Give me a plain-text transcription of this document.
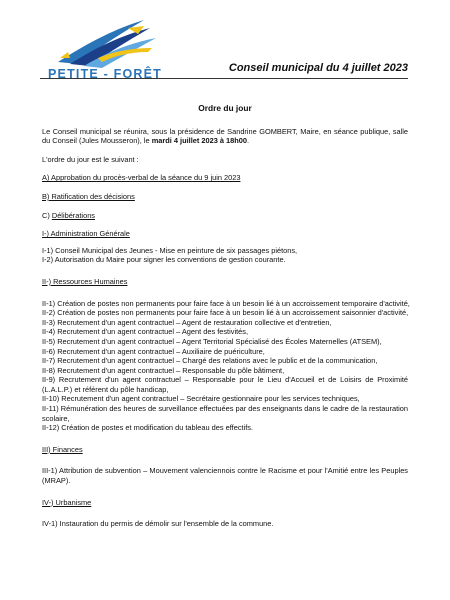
PETITE - FORÊT	Conseil municipal du 4 juillet 2023
Ordre du jour

Le Conseil municipal se réunira, sous la présidence de Sandrine GOMBERT, Maire, en séance publique, salle du Conseil (Jules Mousseron), le mardi 4 juillet 2023 à 18h00.

L'ordre du jour est le suivant :

A) Approbation du procès-verbal de la séance du 9 juin 2023

B) Ratification des décisions

C) Délibérations

I-) Administration Générale

I-1) Conseil Municipal des Jeunes - Mise en peinture de six passages piétons,

I-2) Autorisation du Maire pour signer les conventions de gestion courante.

II-) Ressources Humaines

II-1) Création de postes non permanents pour faire face à un besoin lié à un accroissement temporaire d'activité,

II-2) Création de postes non permanents pour faire face à un besoin lié à un accroissement saisonnier d'activité,

II-3) Recrutement d'un agent contractuel – Agent de restauration collective et d'entretien,

II-4) Recrutement d'un agent contractuel – Agent des festivités,

II-5) Recrutement d'un agent contractuel – Agent Territorial Spécialisé des Écoles Maternelles (ATSEM),

II-6) Recrutement d'un agent contractuel – Auxiliaire de puériculture,

II-7) Recrutement d'un agent contractuel – Chargé des relations avec le public et de la communication,

II-8) Recrutement d'un agent contractuel – Responsable du pôle bâtiment,

II-9) Recrutement d'un agent contractuel – Responsable pour le Lieu d'Accueil et de Loisirs de Proximité (L.A.L.P.) et référent du pôle handicap,

II-10) Recrutement d'un agent contractuel – Secrétaire gestionnaire pour les services techniques,

II-11) Rémunération des heures de surveillance effectuées par des enseignants dans le cadre de la restauration scolaire,

II-12) Création de postes et modification du tableau des effectifs.

III) Finances

III-1) Attribution de subvention – Mouvement valenciennois contre le Racisme et pour l'Amitié entre les Peuples (MRAP).

IV-) Urbanisme

IV-1) Instauration du permis de démolir sur l'ensemble de la commune.
